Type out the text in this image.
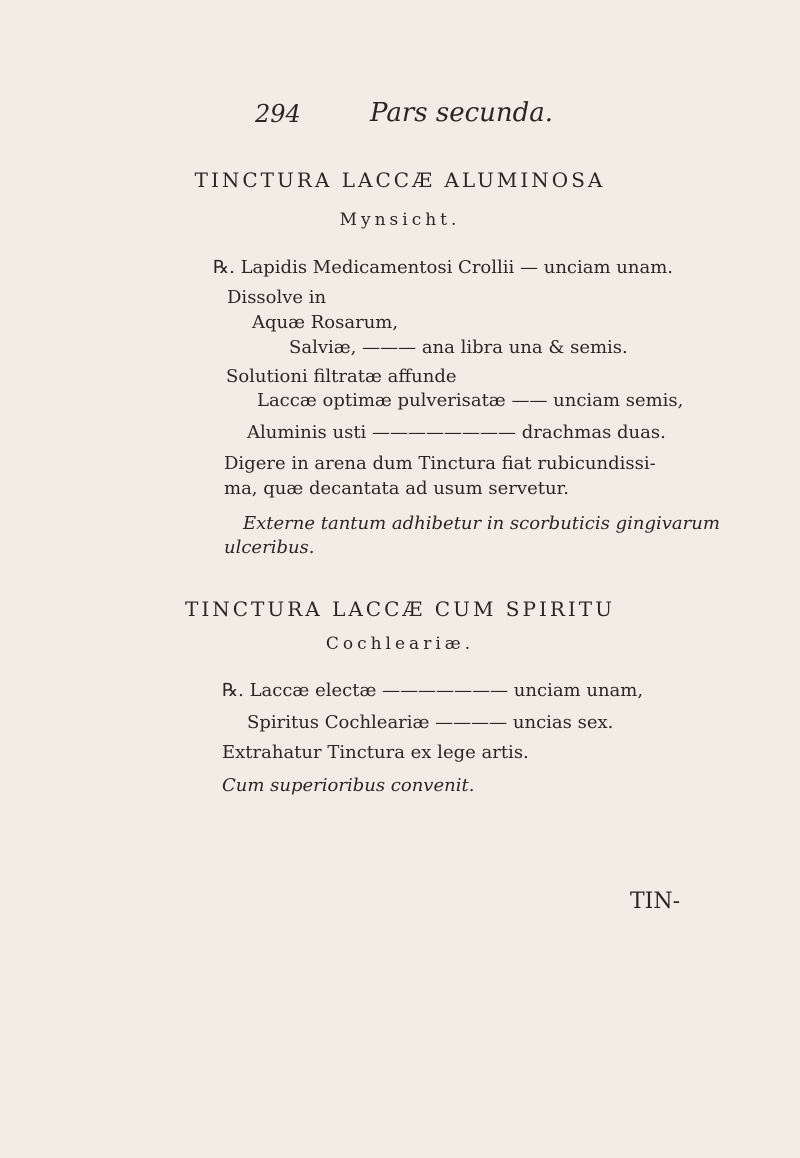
294	Pars secunda.
TINCTURA LACCÆ ALUMINOSA
Mynsicht.
℞. Lapidis Medicamentosi Crollii — unciam unam.
Dissolve in
Aquæ Rosarum,
Salviæ, ——— ana libra una & semis.
Solutioni filtratæ affunde
Laccæ optimæ pulverisatæ —— unciam semis,
Aluminis usti ———————— drachmas duas.
Digere in arena dum Tinctura fiat rubicundissi-
ma, quæ decantata ad usum servetur.
Externe tantum adhibetur in scorbuticis gingivarum
ulceribus.
TINCTURA LACCÆ CUM SPIRITU
Cochleariæ.
℞. Laccæ electæ ——————— unciam unam,
Spiritus Cochleariæ ———— uncias sex.
Extrahatur Tinctura ex lege artis.
Cum superioribus convenit.
TIN-
